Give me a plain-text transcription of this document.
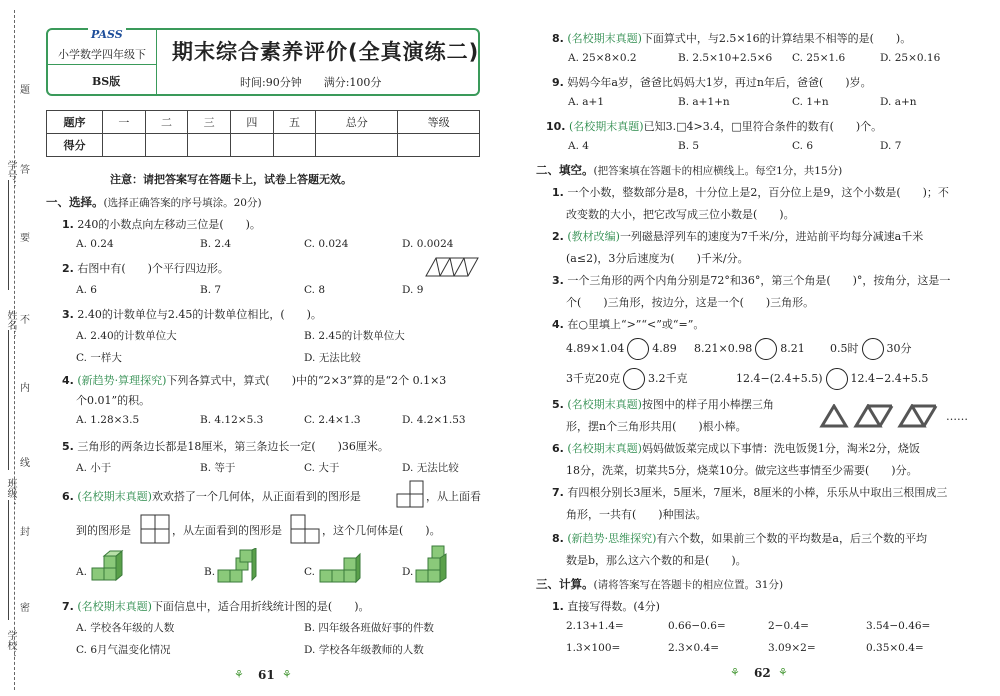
学号：
姓名：
班级：
学校：
题
答
要
不
内
线
封
密
PASS
小学数学四年级下
BS版
期末综合素养评价(全真演练二)
时间:90分钟　　 满分:100分
题序	一	二	三	四	五	总分	等级
得分							
注意：请把答案写在答题卡上，试卷上答题无效。
一、选择。(选择正确答案的序号填涂。20分)
1. 240的小数点向左移动三位是(　　)。
A. 0.24	B. 2.4	C. 0.024	D. 0.0024
2. 右图中有(　　)个平行四边形。
A. 6	B. 7	C. 8	D. 9
3. 2.40的计数单位与2.45的计数单位相比，(　　)。
A. 2.40的计数单位大	B. 2.45的计数单位大
C. 一样大	D. 无法比较
4. (新趋势·算理探究)下列各算式中，算式(　　)中的“2×3”算的是“2个 0.1×3
个0.01”的积。
A. 1.28×3.5	B. 4.12×5.3	C. 2.4×1.3	D. 4.2×1.53
5. 三角形的两条边长都是18厘米，第三条边长一定(　　)36厘米。
A. 小于	B. 等于	C. 大于	D. 无法比较
6. (名校期末真题)欢欢搭了一个几何体，从正面看到的图形是	，从上面看
到的图形是	，从左面看到的图形是	，这个几何体是(　　)。
A.	B.	C.	D.
7. (名校期末真题)下面信息中，适合用折线统计图的是(　　)。
A. 学校各年级的人数	B. 四年级各班做好事的件数
C. 6月气温变化情况	D. 学校各年级教师的人数
⚘ 61 ⚘
8. (名校期末真题)下面算式中，与2.5×16的计算结果不相等的是(　　)。
A. 25×8×0.2	B. 2.5×10+2.5×6 C. 25×1.6	D. 25×0.16
9. 妈妈今年a岁，爸爸比妈妈大1岁，再过n年后，爸爸(　　)岁。
A. a+1	B. a+1+n	C. 1+n	D. a+n
10. (名校期末真题)已知3.□4>3.4，□里符合条件的数有(　　)个。
A. 4	B. 5	C. 6	D. 7
二、填空。(把答案填在答题卡的相应横线上。每空1分，共15分)
1. 一个小数，整数部分是8，十分位上是2，百分位上是9，这个小数是(　　)；不
改变数的大小，把它改写成三位小数是(　　)。
2. (教材改编)一列磁悬浮列车的速度为7千米/分，进站前平均每分减速a千米
(a≤2)，3分后速度为(　　)千米/分。
3. 一个三角形的两个内角分别是72°和36°，第三个角是(　　)°，按角分，这是一
个(　　)三角形，按边分，这是一个(　　)三角形。
4. 在○里填上“>”“<”或“=”。
4.89×1.04	4.89 8.21×0.98	8.21 0.5时	30分
3千克20克	3.2千克	12.4−(2.4+5.5)	12.4−2.4+5.5
5. (名校期末真题)按图中的样子用小棒摆三角
形，摆n个三角形共用(　　)根小棒。
……
6. (名校期末真题)妈妈做饭菜完成以下事情：洗电饭煲1分，淘米2分，烧饭
18分，洗菜，切菜共5分，烧菜10分。做完这些事情至少需要(　　)分。
7. 有四根分别长3厘米，5厘米，7厘米，8厘米的小棒，乐乐从中取出三根围成三
角形，一共有(　　)种围法。
8. (新趋势·思维探究)有六个数，如果前三个数的平均数是a，后三个数的平均
数是b，那么这六个数的和是(　　)。
三、计算。(请将答案写在答题卡的相应位置。31分)
1. 直接写得数。(4分)
2.13+1.4=	0.66−0.6=	2−0.4=	3.54−0.46=
1.3×100=	2.3×0.4=	3.09×2=	0.35×0.4=
⚘ 62 ⚘
